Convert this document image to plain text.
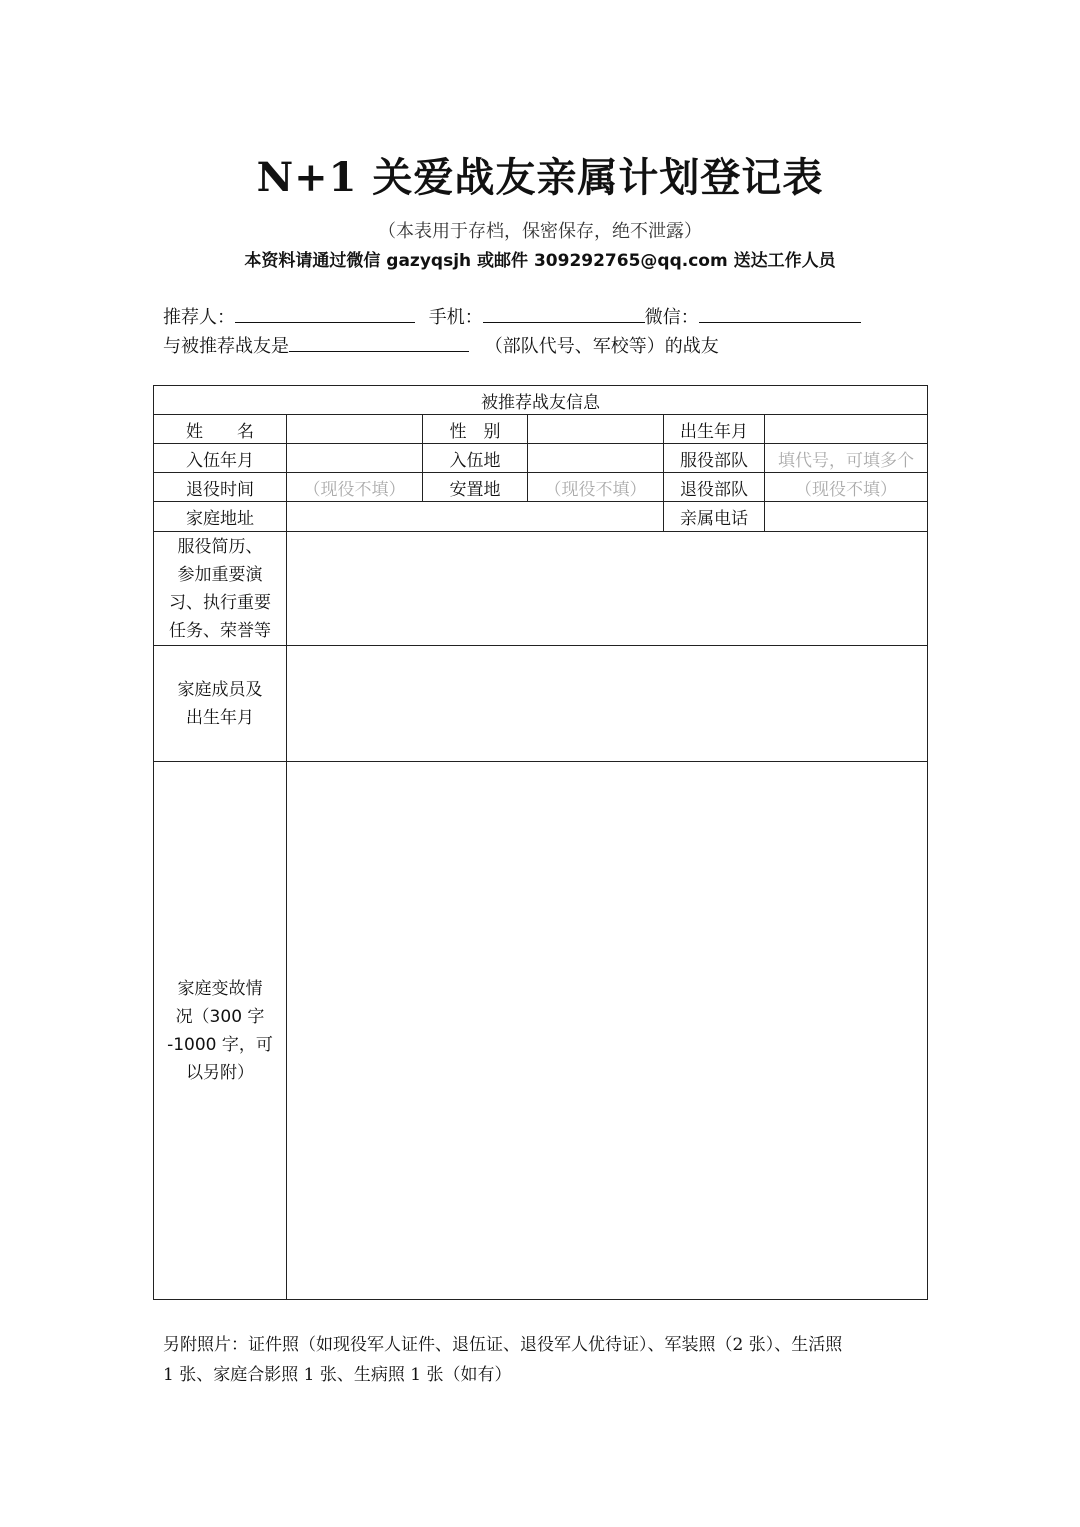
N+1 关爱战友亲属计划登记表
（本表用于存档，保密保存，绝不泄露）
本资料请通过微信 gazyqsjh 或邮件 309292765@qq.com 送达工作人员
推荐人：	手机：	微信：
与被推荐战友是	（部队代号、军校等）的战友
被推荐战友信息					
姓　　名		性　别		出生年月	
入伍年月		入伍地		服役部队	填代号，可填多个
退役时间	（现役不填）	安置地	（现役不填）	退役部队	（现役不填）
家庭地址				亲属电话	

服役简历、
参加重要演
习、执行重要
任务、荣誉等					

家庭成员及
出生年月					

家庭变故情
况（300 字
-1000 字，可
以另附）					

另附照片：证件照（如现役军人证件、退伍证、退役军人优待证）、军装照（2 张）、生活照
1 张、家庭合影照 1 张、生病照 1 张（如有）
